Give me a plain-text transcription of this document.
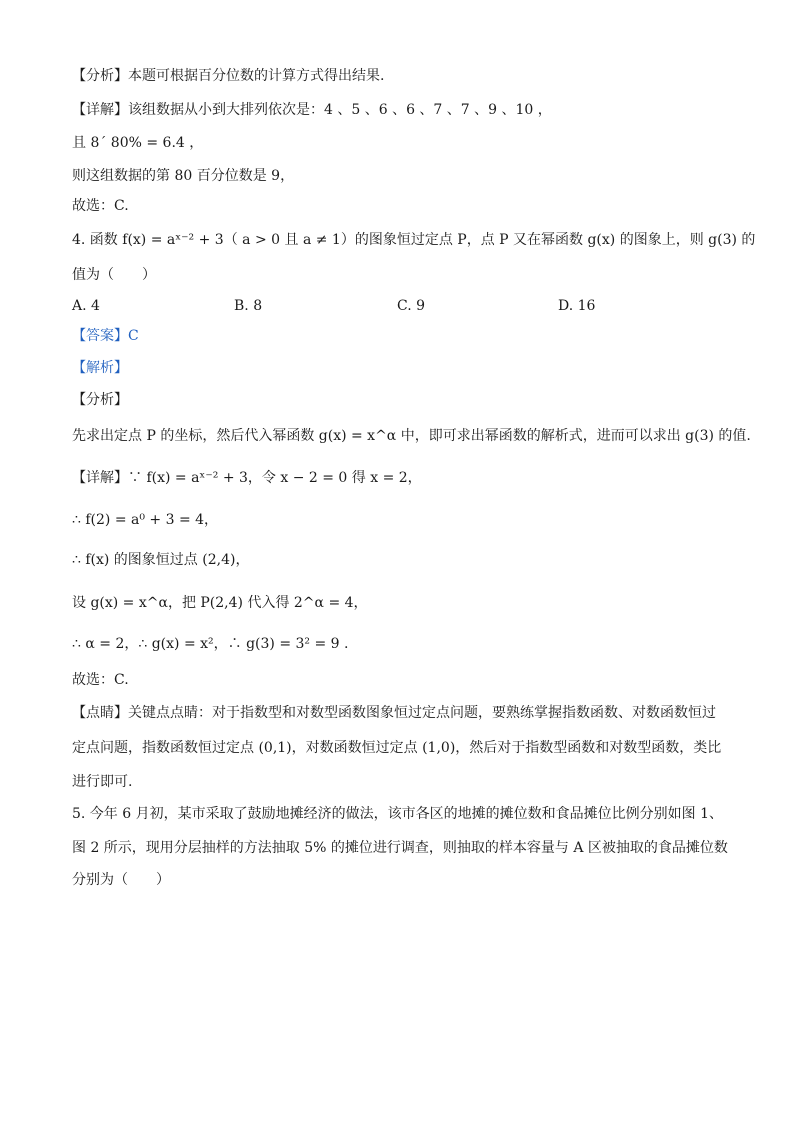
【分析】本题可根据百分位数的计算方式得出结果.
【详解】该组数据从小到大排列依次是：4 、5 、6 、6 、7 、7 、9 、10 ，
且 8´ 80% = 6.4 ，
则这组数据的第 80 百分位数是 9，
故选：C.
4. 函数 f(x) = aˣ⁻² + 3（ a > 0 且 a ≠ 1）的图象恒过定点 P，点 P 又在幂函数 g(x) 的图象上，则 g(3) 的
值为（　　）
A. 4	B. 8	C. 9	D. 16
【答案】C
【解析】
【分析】
先求出定点 P 的坐标，然后代入幂函数 g(x) = x^α 中，即可求出幂函数的解析式，进而可以求出 g(3) 的值.
【详解】∵ f(x) = aˣ⁻² + 3，令 x − 2 = 0 得 x = 2，
∴ f(2) = a⁰ + 3 = 4，
∴ f(x) 的图象恒过点 (2,4)，
设 g(x) = x^α，把 P(2,4) 代入得 2^α = 4，
∴ α = 2，∴ g(x) = x²，∴ g(3) = 3² = 9 .
故选：C.
【点睛】关键点点睛：对于指数型和对数型函数图象恒过定点问题，要熟练掌握指数函数、对数函数恒过
定点问题，指数函数恒过定点 (0,1)，对数函数恒过定点 (1,0)，然后对于指数型函数和对数型函数，类比
进行即可.
5. 今年 6 月初，某市采取了鼓励地摊经济的做法，该市各区的地摊的摊位数和食品摊位比例分别如图 1、
图 2 所示，现用分层抽样的方法抽取 5% 的摊位进行调查，则抽取的样本容量与 A 区被抽取的食品摊位数
分别为（　　）
